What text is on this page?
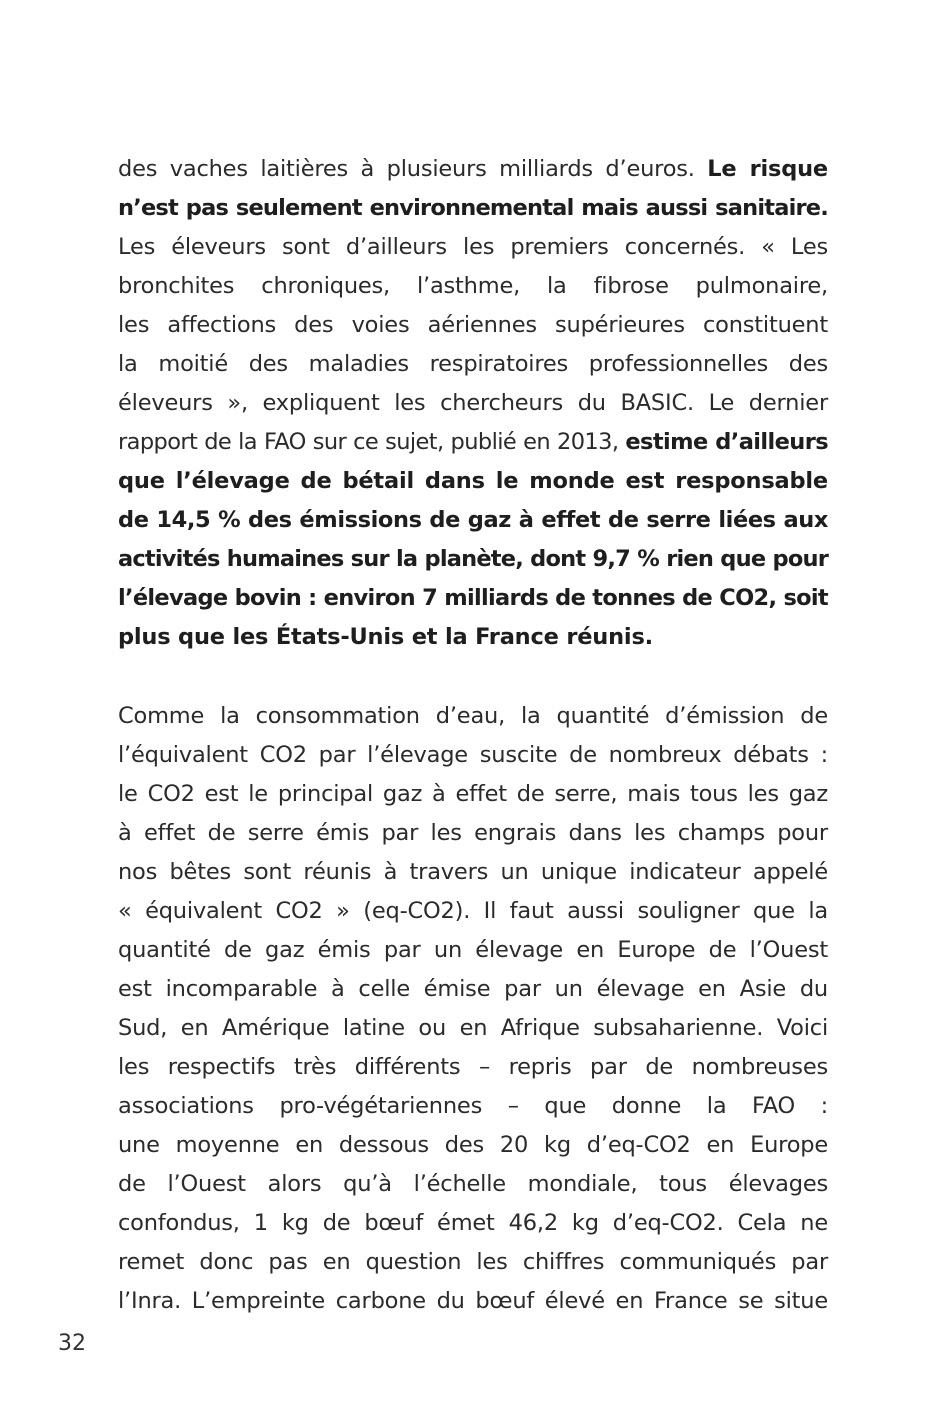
des vaches laitières à plusieurs milliards d’euros. Le risque
n’est pas seulement environnemental mais aussi sanitaire.
Les éleveurs sont d’ailleurs les premiers concernés. « Les
bronchites chroniques, l’asthme, la fibrose pulmonaire,
les affections des voies aériennes supérieures constituent
la moitié des maladies respiratoires professionnelles des
éleveurs », expliquent les chercheurs du BASIC. Le dernier
rapport de la FAO sur ce sujet, publié en 2013, estime d’ailleurs
que l’élevage de bétail dans le monde est responsable
de 14,5 % des émissions de gaz à effet de serre liées aux
activités humaines sur la planète, dont 9,7 % rien que pour
l’élevage bovin : environ 7 milliards de tonnes de CO2, soit
plus que les États-Unis et la France réunis.
Comme la consommation d’eau, la quantité d’émission de
l’équivalent CO2 par l’élevage suscite de nombreux débats :
le CO2 est le principal gaz à effet de serre, mais tous les gaz
à effet de serre émis par les engrais dans les champs pour
nos bêtes sont réunis à travers un unique indicateur appelé
« équivalent CO2 » (eq-CO2). Il faut aussi souligner que la
quantité de gaz émis par un élevage en Europe de l’Ouest
est incomparable à celle émise par un élevage en Asie du
Sud, en Amérique latine ou en Afrique subsaharienne. Voici
les respectifs très différents – repris par de nombreuses
associations pro-végétariennes – que donne la FAO :
une moyenne en dessous des 20 kg d’eq-CO2 en Europe
de l’Ouest alors qu’à l’échelle mondiale, tous élevages
confondus, 1 kg de bœuf émet 46,2 kg d’eq-CO2. Cela ne
remet donc pas en question les chiffres communiqués par
l’Inra. L’empreinte carbone du bœuf élevé en France se situe
32
